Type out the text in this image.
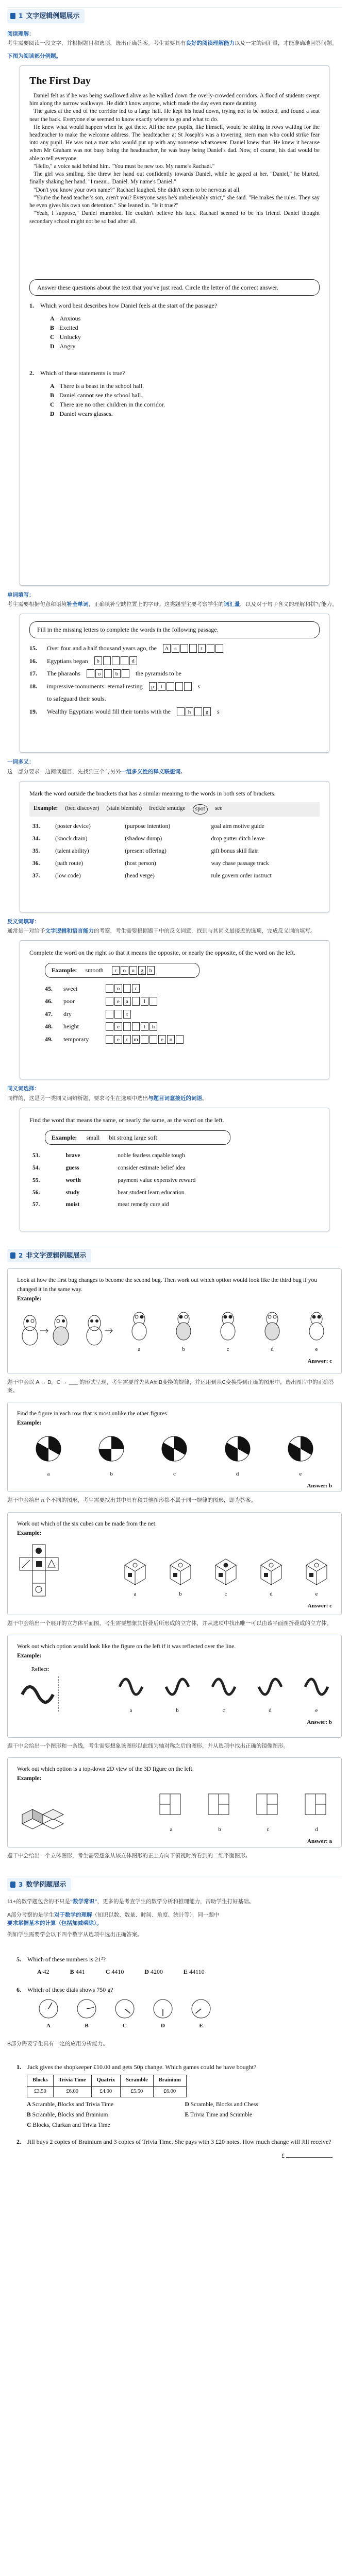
1 文字逻辑例题展示
阅读理解：
考生需要阅读一段文字，并根据题目和选项，选出正确答案。考生需要具有良好的阅读理解能力以及一定的词汇量，才能准确地回答问题。
下图为阅读部分例题。
The First Day

Daniel felt as if he was being swallowed alive as he walked down the overly-crowded corridors. A flood of students swept him along the narrow walkways. He didn't know anyone, which made the day even more daunting.

The gates at the end of the corridor led to a large hall. He kept his head down, trying not to be noticed, and found a seat near the back. Everyone else seemed to know exactly where to go and what to do.

He knew what would happen when he got there. All the new pupils, like himself, would be sitting in rows waiting for the headteacher to make the welcome address. The headteacher at St Joseph's was a towering, stern man who could strike fear into any pupil. He was not a man who would put up with any nonsense whatsoever. Daniel knew that. He knew it because when Mr Graham was not busy being the headteacher, he was busy being Daniel's dad. Now, of course, his dad would be able to tell everyone.

"Hello," a voice said behind him. "You must be new too. My name's Rachael."

The girl was smiling. She threw her hand out confidently towards Daniel, while he gaped at her. "Daniel," he blurted, finally shaking her hand. "I mean... Daniel. My name's Daniel."

"Don't you know your own name?" Rachael laughed. She didn't seem to be nervous at all.

"You're the head teacher's son, aren't you? Everyone says he's unbelievably strict," she said. "He makes the rules. They say he even gives his own son detention." She leaned in. "Is it true?"

"Yeah, I suppose," Daniel mumbled. He couldn't believe his luck. Rachael seemed to be his friend. Daniel thought secondary school might not be so bad after all.

Answer these questions about the text that you've just read. Circle the letter of the correct answer.
1. Which word best describes how Daniel feels at the start of the passage?
A Anxious
B Excited
C Unlucky
D Angry
2. Which of these statements is true?
A There is a beast in the school hall.
B Daniel cannot see the school hall.
C There are no other children in the corridor.
D Daniel wears glasses.
单词填写：
考生需要根据句意和语境补全单词，正确填补空缺位置上的字母。这类题型主要考察学生的词汇量，以及对于句子含义的理解和拼写能力。
Fill in the missing letters to complete the words in the following passage.
15.	Over four and a half thousand years ago, the	A s	t
16.	Egyptians began	b	d
17.	The pharaohs	o	b	the pyramids to be
18.	impressive monuments: eternal resting	p	l	s
to safeguard their souls.
19.	Wealthy Egyptians would fill their tombs with the	h	g	s
一词多义：
这一部分要求一边阅读题目，先找到三个与另外一组多义性的释义联想词。
Mark the word outside the brackets that has a similar meaning to the words in both sets of brackets.
Example: (bed discover) (stain blemish) freckle smudge	spot	see
33.	(poster device)	(purpose intention)	goal aim motive guide
34.	(knock drain)	(shadow dump)	drop gutter ditch leave
35.	(talent ability)	(present offering)	gift bonus skill flair
36.	(path route)	(host person)	way chase passage track
37.	(low code)	(head verge)	rule govern order instruct
反义词填写：
通常是一对给予文字逻辑和语言能力的考察，考生需要根据题干中的反义词意，找到与其词义最接近的选项，完成反义词的填写。
Complete the word on the right so that it means the opposite, or nearly the opposite, of the word on the left.
Example: smooth	r	o	u	g	h
45.	sweet	o	r
46.	poor	e	a	l
47.	dry	t
48.	height	e	t	h
49.	temporary	e	r m	e	n
同义词选择：
同样的，这是另一类同义词辨析题，要求考生在选项中选出与题目词意接近的词语。
Find the word that means the same, or nearly the same, as the word on the left.
Example: small bit strong large soft
53.	brave	noble fearless capable tough
54.	guess	consider estimate belief idea
55.	worth	payment value expensive reward
56.	study	hear student learn education
57.	moist	meat remedy cure aid
2 非文字逻辑例题展示
Look at how the first bug changes to become the second bug. Then work out which option would look like the third bug if you changed it in the same way.
Example:
a	b	c	d	e
Answer: c
题干中会以 A → B，C → ___ 的形式呈现，考生需要首先从A到B变换的规律，并运用到从C变换得到正确的图形中，选出图片中的正确答案。
Find the figure in each row that is most unlike the other figures.
Example:
a	b	c	d	e
Answer: b
题干中会给出五个不同的图形，考生需要找出其中具有和其他图形都不属于同一规律的图形，即为答案。
Work out which of the six cubes can be made from the net.
Example:
a	b	c	d	e
Answer: c
题干中会给出一个展开的立方体平面图，考生需要想象其折叠后所形成的立方体，并从选项中找出唯一可以由该平面图折叠成的立方体。
Work out which option would look like the figure on the left if it was reflected over the line.
Example:
Reflect:
a	b	c	d	e
Answer: b
题干中会给出一个图形和一条线，考生需要想象该图形以此线为轴对称之后的图形，并从选项中找出正确的镜像图形。
Work out which option is a top-down 2D view of the 3D figure on the left.
Example:
a	b	c	d
Answer: a
题干中会给出一个立体图形，考生需要想象从该立体图形的正上方向下俯视时所看到的二维平面图形。
3 数学例题展示
11+的数学题包含的不只是“数学常识”，更多的是考查学生的数学分析和推理能力，帮助学生打好基础。
A部分考察的是学生对于数学的理解（知识以数、数量、时间、角度、统计等），同一题中
要求掌握基本的计算（包括加减乘除）。
例如学生需要学会以下四个数字从选项中选出正确答案。
5. Which of these numbers is 21²?
A 42	B 441	C 4410	D 4200	E 44110
6. Which of these dials shows 750 g?
A	B	C	D	E
B部分需要学生具有一定的应用分析能力。
1. Jack gives the shopkeeper £10.00 and gets 50p change. Which games could he have bought?
Blocks	Trivia Time	Quatrix	Scramble	Brainium
£3.50	£6.00	£4.00	£5.50	£6.00
A Scramble, Blocks and Trivia Time	D Scramble, Blocks and Chess
B Scramble, Blocks and Brainium	E Trivia Time and Scramble
C Blocks, Clarkan and Trivia Time
2. Jill buys 2 copies of Brainium and 3 copies of Trivia Time. She pays with 3 £20 notes. How much change will Jill receive?
£
